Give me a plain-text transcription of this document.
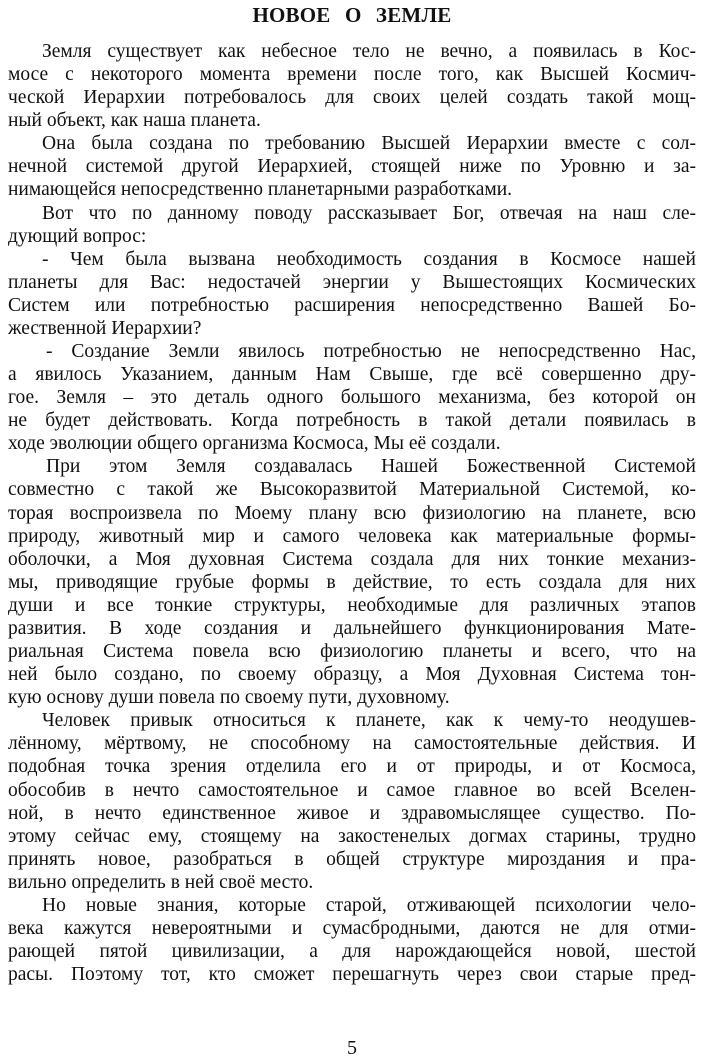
НОВОЕ О ЗЕМЛЕ
Земля существует как небесное тело не вечно, а появилась в Кос-
мосе с некоторого момента времени после того, как Высшей Космич-
ческой Иерархии потребовалось для своих целей создать такой мощ-
ный объект, как наша планета.
Она была создана по требованию Высшей Иерархии вместе с сол-
нечной системой другой Иерархией, стоящей ниже по Уровню и за-
нимающейся непосредственно планетарными разработками.
Вот что по данному поводу рассказывает Бог, отвечая на наш сле-
дующий вопрос:
- Чем была вызвана необходимость создания в Космосе нашей
планеты для Вас: недостачей энергии у Вышестоящих Космических
Систем или потребностью расширения непосредственно Вашей Бо-
жественной Иерархии?
- Создание Земли явилось потребностью не непосредственно Нас,
а явилось Указанием, данным Нам Свыше, где всё совершенно дру-
гое. Земля – это деталь одного большого механизма, без которой он
не будет действовать. Когда потребность в такой детали появилась в
ходе эволюции общего организма Космоса, Мы её создали.
При этом Земля создавалась Нашей Божественной Системой
совместно с такой же Высокоразвитой Материальной Системой, ко-
торая воспроизвела по Моему плану всю физиологию на планете, всю
природу, животный мир и самого человека как материальные формы-
оболочки, а Моя духовная Система создала для них тонкие механиз-
мы, приводящие грубые формы в действие, то есть создала для них
души и все тонкие структуры, необходимые для различных этапов
развития. В ходе создания и дальнейшего функционирования Мате-
риальная Система повела всю физиологию планеты и всего, что на
ней было создано, по своему образцу, а Моя Духовная Система тон-
кую основу души повела по своему пути, духовному.
Человек привык относиться к планете, как к чему-то неодушев-
лённому, мёртвому, не способному на самостоятельные действия. И
подобная точка зрения отделила его и от природы, и от Космоса,
обособив в нечто самостоятельное и самое главное во всей Вселен-
ной, в нечто единственное живое и здравомыслящее существо. По-
этому сейчас ему, стоящему на закостенелых догмах старины, трудно
принять новое, разобраться в общей структуре мироздания и пра-
вильно определить в ней своё место.
Но новые знания, которые старой, отживающей психологии чело-
века кажутся невероятными и сумасбродными, даются не для отми-
рающей пятой цивилизации, а для нарождающейся новой, шестой
расы. Поэтому тот, кто сможет перешагнуть через свои старые пред-
5
